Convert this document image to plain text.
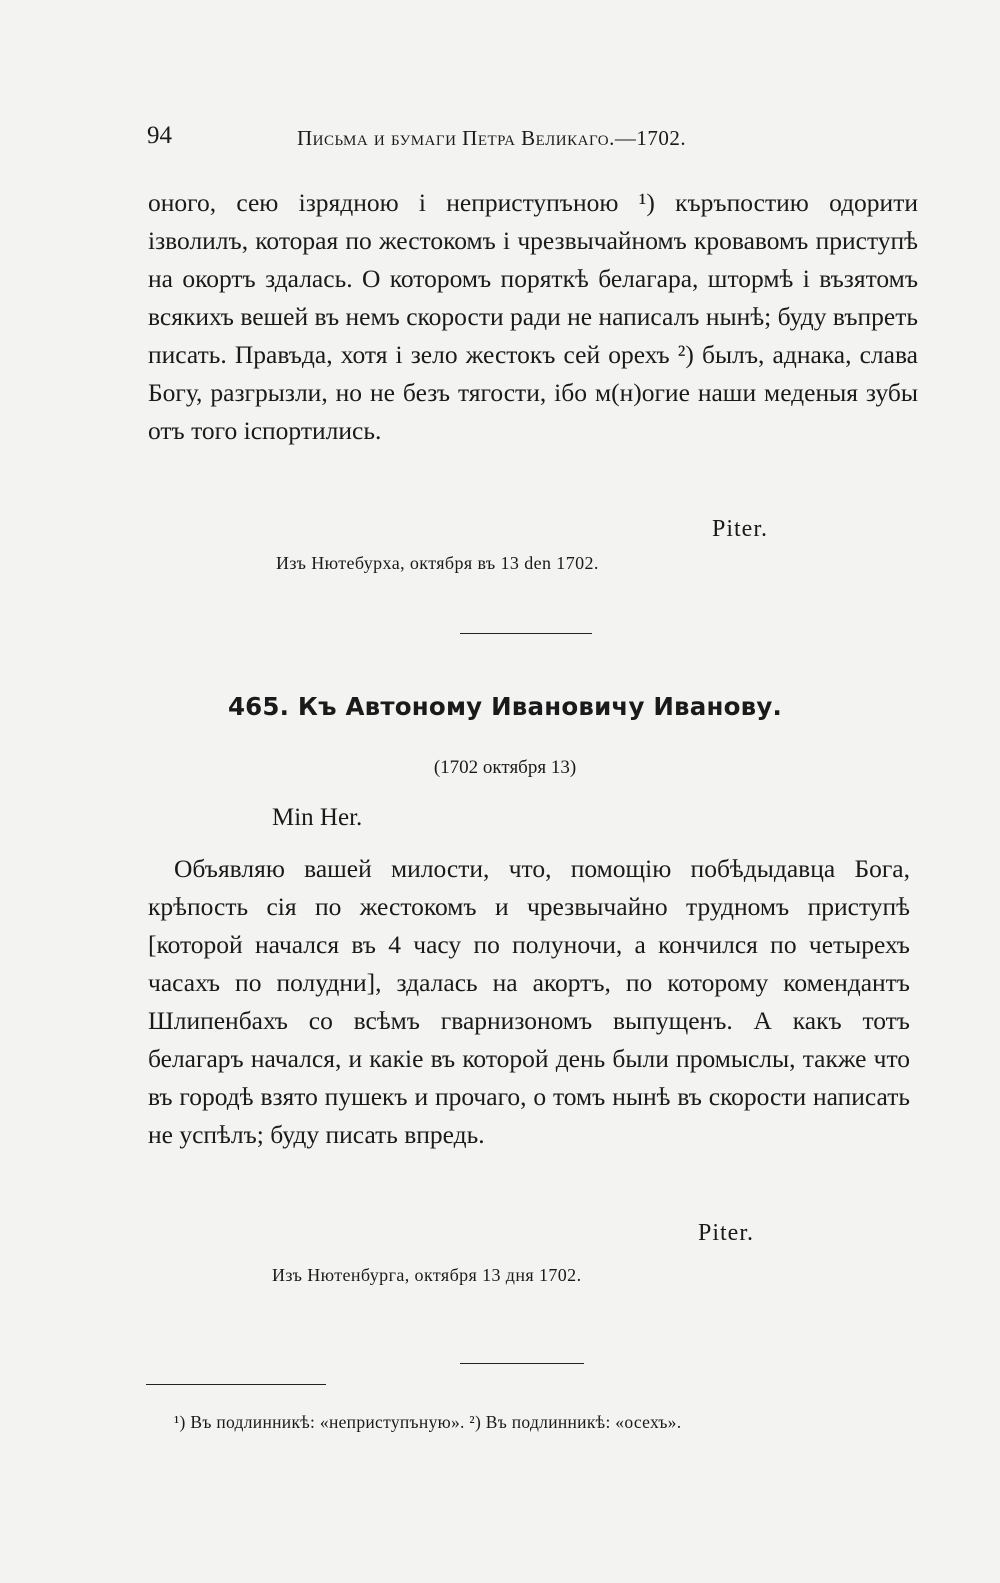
94	Письма и бумаги Петра Великаго.—1702.
оного, сею ізрядною і неприступъною ¹) къръпостию одорити ізволилъ, которая по жестокомъ і чрезвычайномъ кровавомъ приступѣ на окортъ здалась. О которомъ поряткѣ белагара, штормѣ і възятомъ всякихъ вешей въ немъ скорости ради не написалъ нынѣ; буду въпреть писать. Правъда, хотя і зело жестокъ сей орехъ ²) былъ, аднака, слава Богу, разгрызли, но не безъ тягости, ібо м(н)огие наши меденыя зубы отъ того іспортились.
Piter.
Изъ Нютебурха, октября въ 13 den 1702.
465. Къ Автоному Ивановичу Иванову.
(1702 октября 13)
Min Her.
Объявляю вашей милости, что, помощію побѣдыдавца Бога, крѣпость сія по жестокомъ и чрезвычайно трудномъ приступѣ [которой начался въ 4 часу по полуночи, а кончился по четырехъ часахъ по полудни], здалась на акортъ, по которому комендантъ Шлипенбахъ со всѣмъ гварнизономъ выпущенъ. А какъ тотъ белагаръ начался, и какіе въ которой день были промыслы, также что въ городѣ взято пушекъ и прочаго, о томъ нынѣ въ скорости написать не успѣлъ; буду писать впредь.
Piter.
Изъ Нютенбурга, октября 13 дня 1702.
¹) Въ подлинникѣ: «неприступъную». ²) Въ подлинникѣ: «осехъ».
